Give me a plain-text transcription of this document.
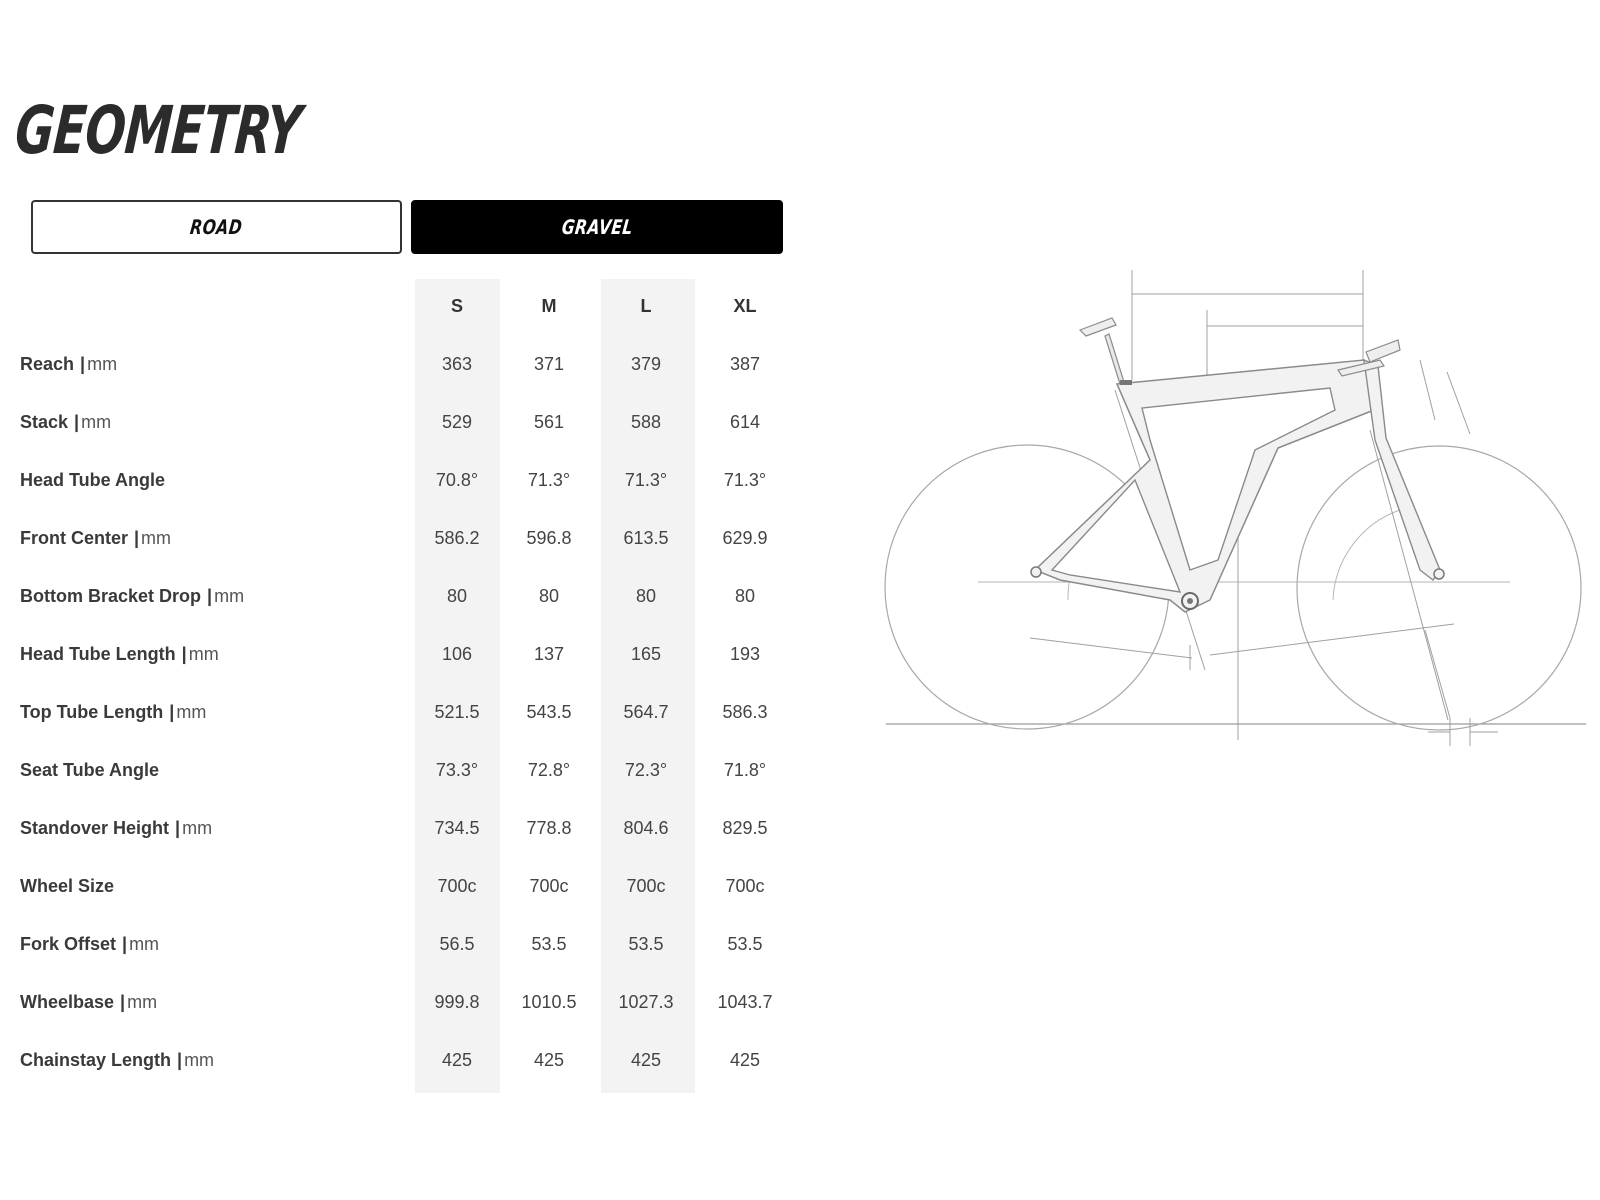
GEOMETRY
ROAD	GRAVEL
S	M	L	XL
Reach | mm	363	371	379	387
Stack | mm	529	561	588	614
Head Tube Angle	70.8°	71.3°	71.3°	71.3°
Front Center | mm	586.2	596.8	613.5	629.9
Bottom Bracket Drop | mm	80	80	80	80
Head Tube Length | mm	106	137	165	193
Top Tube Length | mm	521.5	543.5	564.7	586.3
Seat Tube Angle	73.3°	72.8°	72.3°	71.8°
Standover Height | mm	734.5	778.8	804.6	829.5
Wheel Size	700c	700c	700c	700c
Fork Offset | mm	56.5	53.5	53.5	53.5
Wheelbase | mm	999.8	1010.5	1027.3	1043.7
Chainstay Length | mm	425	425	425	425
